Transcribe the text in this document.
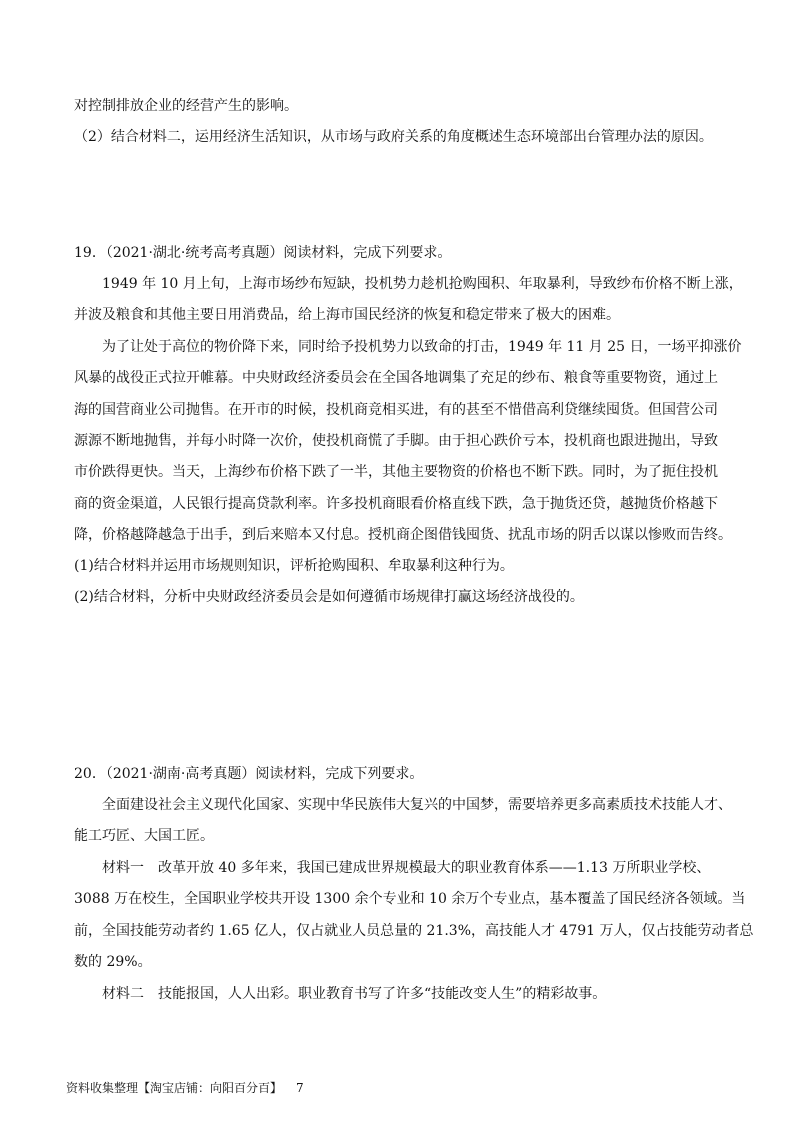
对控制排放企业的经营产生的影响。
（2）结合材料二，运用经济生活知识，从市场与政府关系的角度概述生态环境部出台管理办法的原因。
19．（2021·湖北·统考高考真题）阅读材料，完成下列要求。
1949 年 10 月上旬，上海市场纱布短缺，投机势力趁机抢购囤积、年取暴利，导致纱布价格不断上涨，
并波及粮食和其他主要日用消费品，给上海市国民经济的恢复和稳定带来了极大的困难。
为了让处于高位的物价降下来，同时给予投机势力以致命的打击，1949 年 11 月 25 日，一场平抑涨价
风暴的战役正式拉开帷幕。中央财政经济委员会在全国各地调集了充足的纱布、粮食等重要物资，通过上
海的国营商业公司抛售。在开市的时候，投机商竞相买进，有的甚至不惜借高利贷继续囤货。但国营公司
源源不断地抛售，并每小时降一次价，使投机商慌了手脚。由于担心跌价亏本，投机商也跟进抛出，导致
市价跌得更快。当天，上海纱布价格下跌了一半，其他主要物资的价格也不断下跌。同时，为了扼住投机
商的资金渠道，人民银行提高贷款利率。许多投机商眼看价格直线下跌，急于抛货还贷，越抛货价格越下
降，价格越降越急于出手，到后来赔本又付息。授机商企图借钱囤货、扰乱市场的阴舌以谋以惨败而告终。
(1)结合材料并运用市场规则知识，评析抢购囤积、牟取暴利这种行为。
(2)结合材料，分析中央财政经济委员会是如何遵循市场规律打赢这场经济战役的。
20．（2021·湖南·高考真题）阅读材料，完成下列要求。
全面建设社会主义现代化国家、实现中华民族伟大复兴的中国梦，需要培养更多高素质技术技能人才、
能工巧匠、大国工匠。
材料一　改革开放 40 多年来，我国已建成世界规模最大的职业教育体系——1.13 万所职业学校、
3088 万在校生，全国职业学校共开设 1300 余个专业和 10 余万个专业点，基本覆盖了国民经济各领域。当
前，全国技能劳动者约 1.65 亿人，仅占就业人员总量的 21.3%，高技能人才 4791 万人，仅占技能劳动者总
数的 29%。
材料二　技能报国，人人出彩。职业教育书写了许多“技能改变人生”的精彩故事。
资料收集整理【淘宝店铺：向阳百分百】 7
